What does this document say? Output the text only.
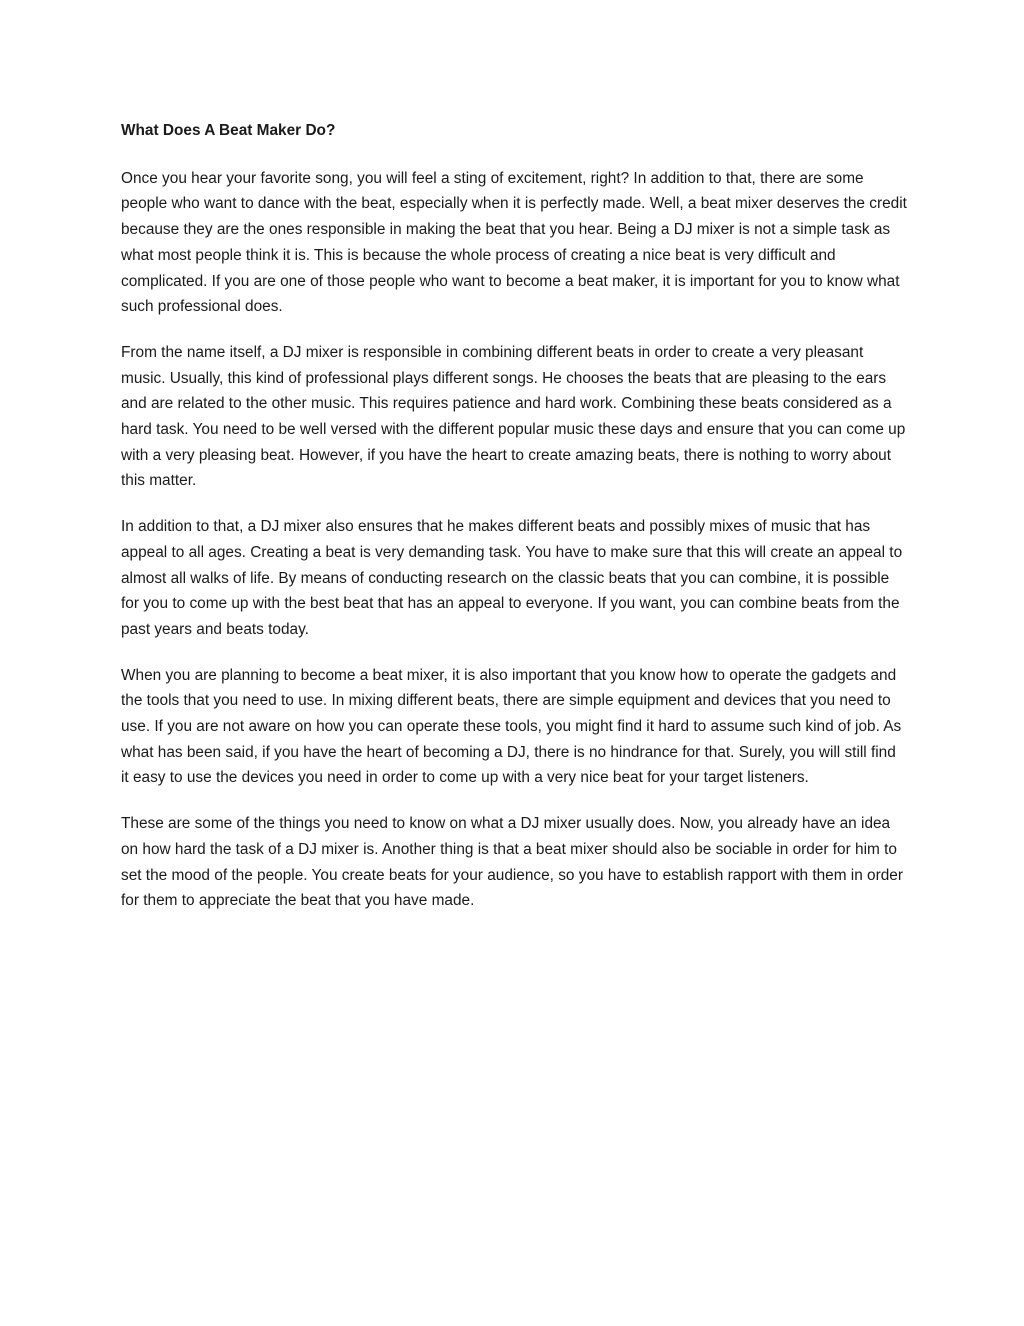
What Does A Beat Maker Do?

Once you hear your favorite song, you will feel a sting of excitement, right? In addition to that, there are some people who want to dance with the beat, especially when it is perfectly made. Well, a beat mixer deserves the credit because they are the ones responsible in making the beat that you hear. Being a DJ mixer is not a simple task as what most people think it is. This is because the whole process of creating a nice beat is very difficult and complicated. If you are one of those people who want to become a beat maker, it is important for you to know what such professional does.

From the name itself, a DJ mixer is responsible in combining different beats in order to create a very pleasant music. Usually, this kind of professional plays different songs. He chooses the beats that are pleasing to the ears and are related to the other music. This requires patience and hard work. Combining these beats considered as a hard task. You need to be well versed with the different popular music these days and ensure that you can come up with a very pleasing beat. However, if you have the heart to create amazing beats, there is nothing to worry about this matter.

In addition to that, a DJ mixer also ensures that he makes different beats and possibly mixes of music that has appeal to all ages. Creating a beat is very demanding task. You have to make sure that this will create an appeal to almost all walks of life. By means of conducting research on the classic beats that you can combine, it is possible for you to come up with the best beat that has an appeal to everyone. If you want, you can combine beats from the past years and beats today.

When you are planning to become a beat mixer, it is also important that you know how to operate the gadgets and the tools that you need to use. In mixing different beats, there are simple equipment and devices that you need to use. If you are not aware on how you can operate these tools, you might find it hard to assume such kind of job. As what has been said, if you have the heart of becoming a DJ, there is no hindrance for that. Surely, you will still find it easy to use the devices you need in order to come up with a very nice beat for your target listeners.

These are some of the things you need to know on what a DJ mixer usually does. Now, you already have an idea on how hard the task of a DJ mixer is. Another thing is that a beat mixer should also be sociable in order for him to set the mood of the people. You create beats for your audience, so you have to establish rapport with them in order for them to appreciate the beat that you have made.
